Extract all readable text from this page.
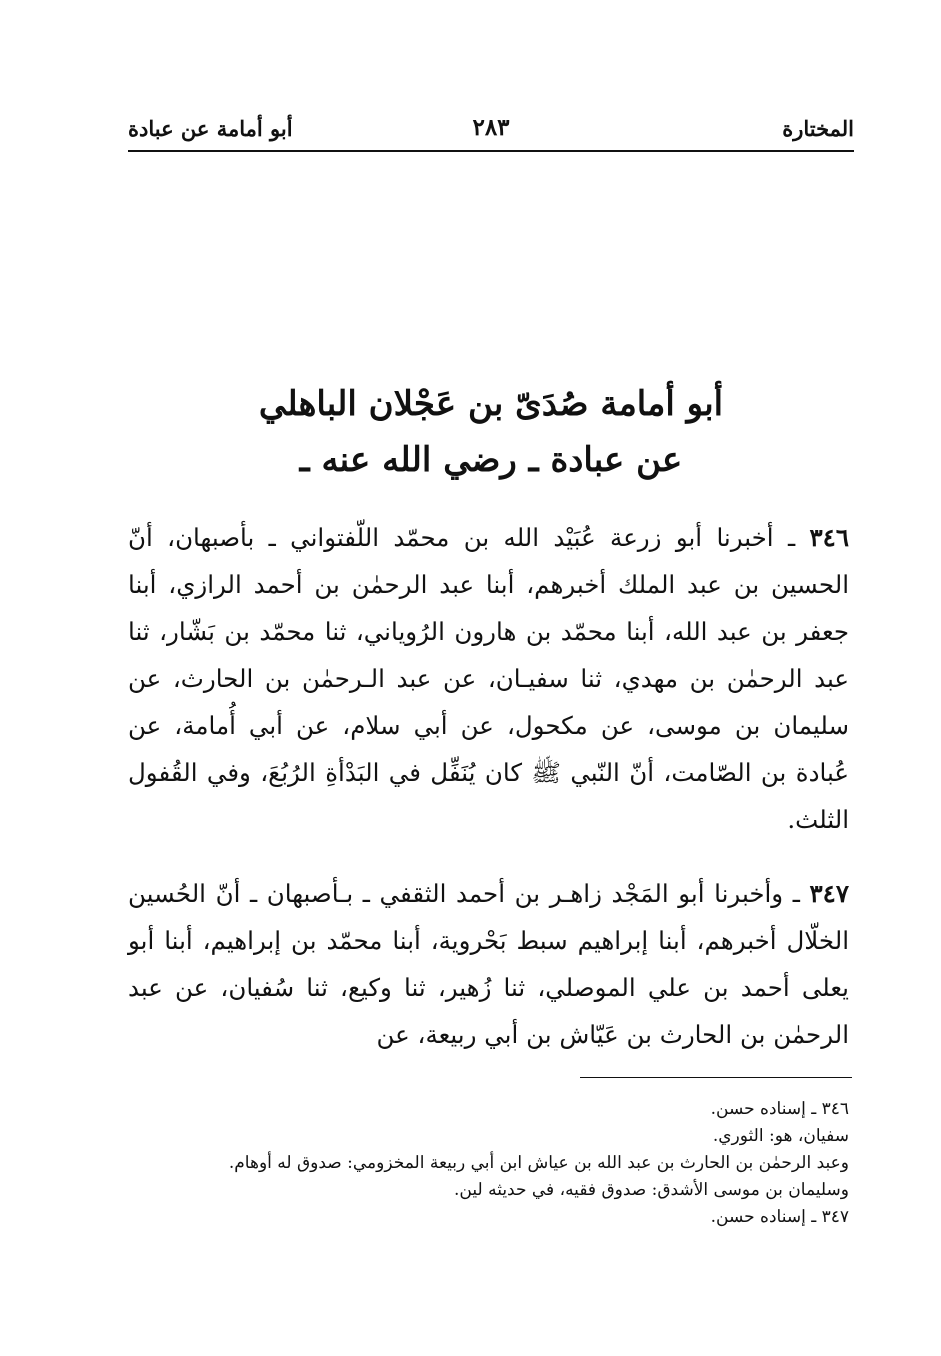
المختارة
٢٨٣
أبو أمامة عن عبادة
أبو أمامة صُدَىّ بن عَجْلان الباهلي
عن عبادة ـ رضي الله عنه ـ
٣٤٦ ـ أخبرنا أبو زرعة عُبَيْد الله بن محمّد اللّفتواني ـ بأصبهان، أنّ الحسين بن عبد الملك أخبرهم، أبنا عبد الرحمٰن بن أحمد الرازي، أبنا جعفر بن عبد الله، أبنا محمّد بن هارون الرُوياني، ثنا محمّد بن بَشّار، ثنا عبد الرحمٰن بن مهدي، ثنا سفيـان، عن عبد الـرحمٰن بن الحارث، عن سليمان بن موسى، عن مكحول، عن أبي سلام، عن أبي أُمامة، عن عُبادة بن الصّامت، أنّ النّبي ﷺ كان يُنَفِّل في البَدْأةِ الرُبُعَ، وفي القُفول الثلث.
٣٤٧ ـ وأخبرنا أبو المَجْد زاهـر بن أحمد الثقفي ـ بـأصبهان ـ أنّ الحُسين الخلّال أخبرهم، أبنا إبراهيم سبط بَحْروية، أبنا محمّد بن إبراهيم، أبنا أبو يعلى أحمد بن علي الموصلي، ثنا زُهير، ثنا وكيع، ثنا سُفيان، عن عبد الرحمٰن بن الحارث بن عَيّاش بن أبي ربيعة، عن
٣٤٦ ـ إسناده حسن.
سفيان، هو: الثوري.
وعبد الرحمٰن بن الحارث بن عبد الله بن عياش ابن أبي ربيعة المخزومي: صدوق له أوهام.
وسليمان بن موسى الأشدق: صدوق فقيه، في حديثه لين.
٣٤٧ ـ إسناده حسن.
